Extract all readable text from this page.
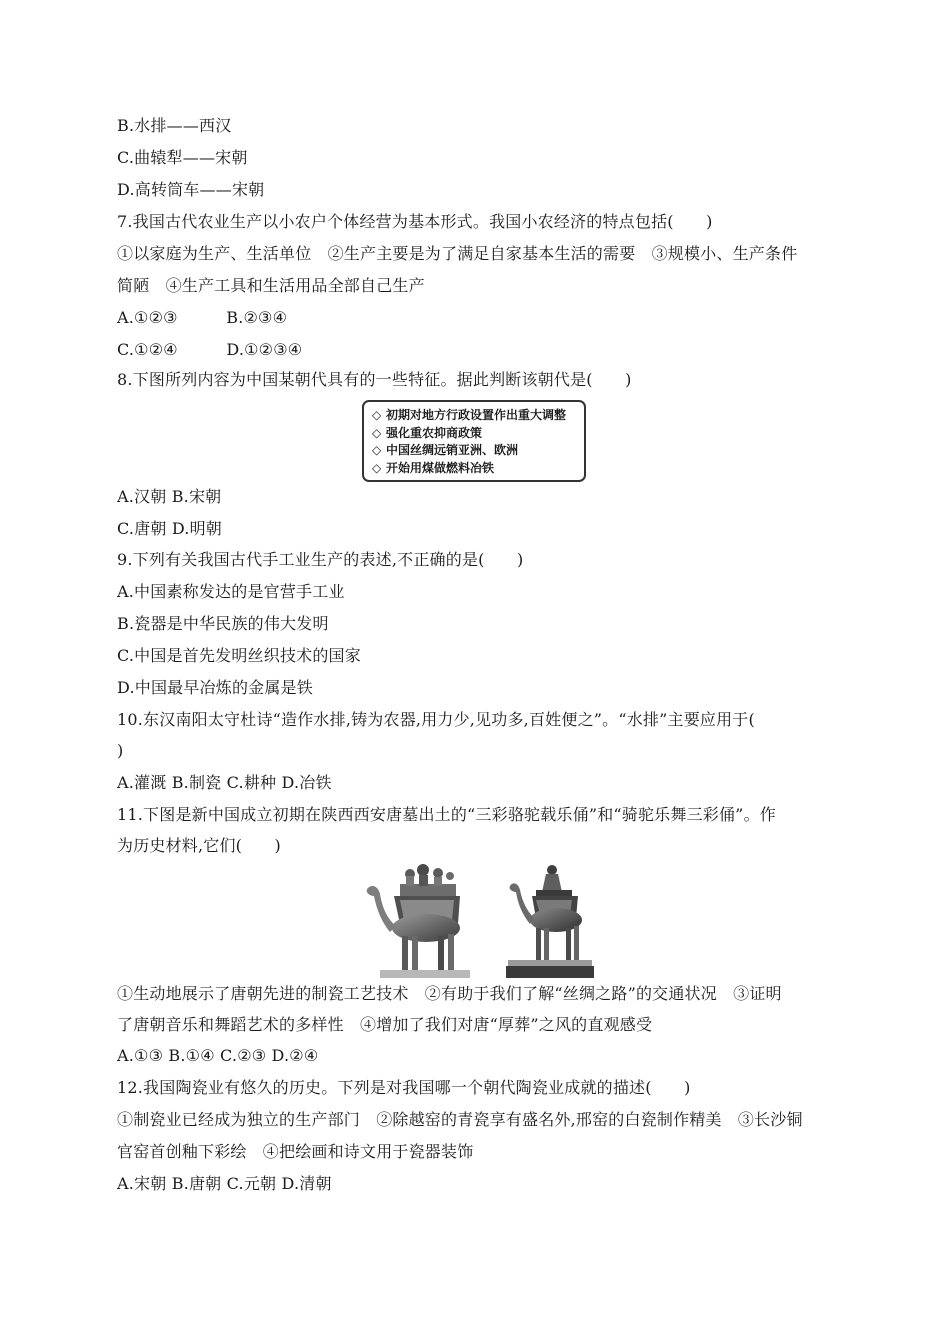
B.水排——西汉
C.曲辕犁——宋朝
D.高转筒车——宋朝
7.我国古代农业生产以小农户个体经营为基本形式。我国小农经济的特点包括(　　)
①以家庭为生产、生活单位　②生产主要是为了满足自家基本生活的需要　③规模小、生产条件
简陋　④生产工具和生活用品全部自己生产
A.①②③　　　B.②③④
C.①②④　　　D.①②③④
8.下图所列内容为中国某朝代具有的一些特征。据此判断该朝代是(　　)
◇ 初期对地方行政设置作出重大调整
◇ 强化重农抑商政策
◇ 中国丝绸远销亚洲、欧洲
◇ 开始用煤做燃料冶铁
A.汉朝 B.宋朝
C.唐朝 D.明朝
9.下列有关我国古代手工业生产的表述,不正确的是(　　)
A.中国素称发达的是官营手工业
B.瓷器是中华民族的伟大发明
C.中国是首先发明丝织技术的国家
D.中国最早冶炼的金属是铁
10.东汉南阳太守杜诗“造作水排,铸为农器,用力少,见功多,百姓便之”。“水排”主要应用于(
)
A.灌溉 B.制瓷 C.耕种 D.冶铁
11.下图是新中国成立初期在陕西西安唐墓出土的“三彩骆驼载乐俑”和“骑驼乐舞三彩俑”。作
为历史材料,它们(　　)
①生动地展示了唐朝先进的制瓷工艺技术　②有助于我们了解“丝绸之路”的交通状况　③证明
了唐朝音乐和舞蹈艺术的多样性　④增加了我们对唐“厚葬”之风的直观感受
A.①③ B.①④ C.②③ D.②④
12.我国陶瓷业有悠久的历史。下列是对我国哪一个朝代陶瓷业成就的描述(　　)
①制瓷业已经成为独立的生产部门　②除越窑的青瓷享有盛名外,邢窑的白瓷制作精美　③长沙铜
官窑首创釉下彩绘　④把绘画和诗文用于瓷器装饰
A.宋朝 B.唐朝 C.元朝 D.清朝
